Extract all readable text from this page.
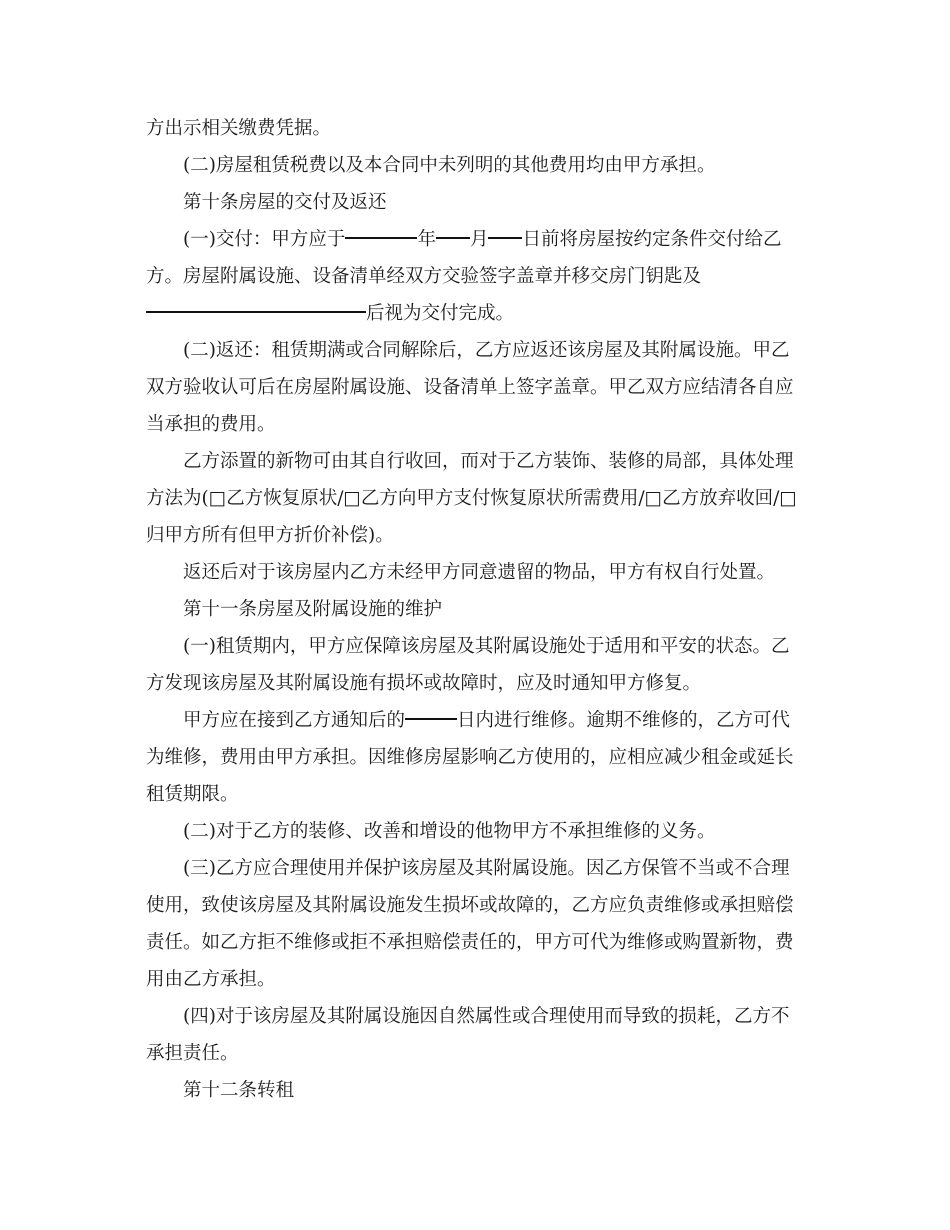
方出示相关缴费凭据。

(二)房屋租赁税费以及本合同中未列明的其他费用均由甲方承担。

第十条房屋的交付及返还

(一)交付：甲方应于	年 月 日前将房屋按约定条件交付给乙方。房屋附属设施、设备清单经双方交验签字盖章并移交房门钥匙及
后视为交付完成。

(二)返还：租赁期满或合同解除后，乙方应返还该房屋及其附属设施。甲乙双方验收认可后在房屋附属设施、设备清单上签字盖章。甲乙双方应结清各自应当承担的费用。

乙方添置的新物可由其自行收回，而对于乙方装饰、装修的局部，具体处理方法为(□乙方恢复原状/□乙方向甲方支付恢复原状所需费用/□乙方放弃收回/□归甲方所有但甲方折价补偿)。

返还后对于该房屋内乙方未经甲方同意遗留的物品，甲方有权自行处置。

第十一条房屋及附属设施的维护

(一)租赁期内，甲方应保障该房屋及其附属设施处于适用和平安的状态。乙方发现该房屋及其附属设施有损坏或故障时，应及时通知甲方修复。

甲方应在接到乙方通知后的	日内进行维修。逾期不维修的，乙方可代为维修，费用由甲方承担。因维修房屋影响乙方使用的，应相应减少租金或延长租赁期限。

(二)对于乙方的装修、改善和增设的他物甲方不承担维修的义务。

(三)乙方应合理使用并保护该房屋及其附属设施。因乙方保管不当或不合理使用，致使该房屋及其附属设施发生损坏或故障的，乙方应负责维修或承担赔偿责任。如乙方拒不维修或拒不承担赔偿责任的，甲方可代为维修或购置新物，费用由乙方承担。

(四)对于该房屋及其附属设施因自然属性或合理使用而导致的损耗，乙方不承担责任。

第十二条转租
